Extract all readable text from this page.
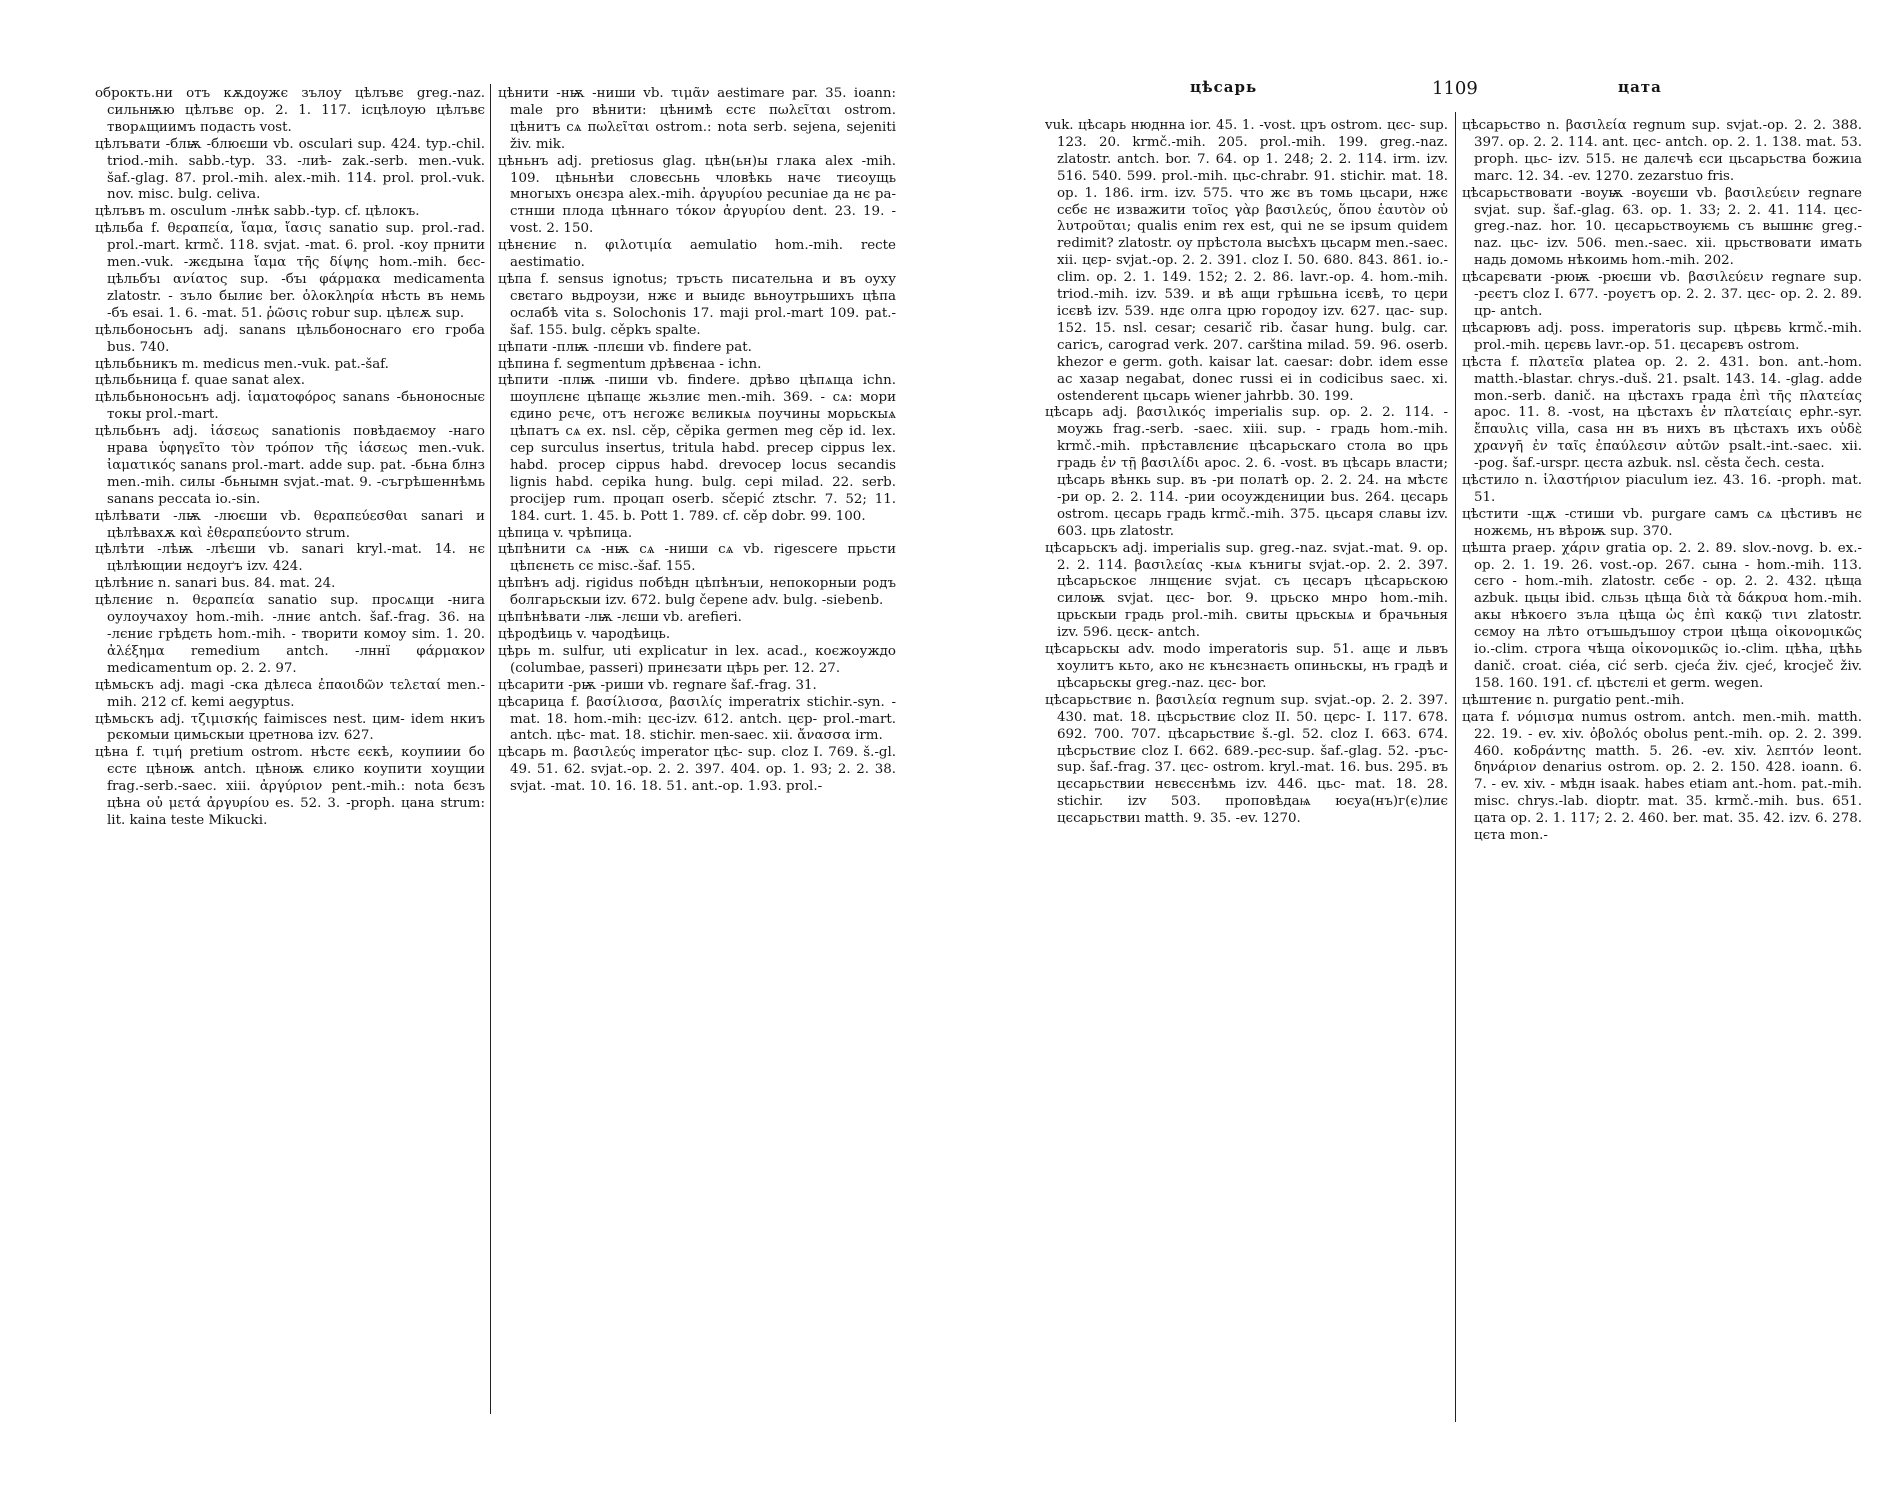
оброкть.ни отъ кѫдоужє зълоу цѣлъвє greg.-naz. сильнѭю цѣлъвє op. 2. 1. 117. ісцѣлоую цѣлъвє творѧщиимъ подасть vost.
цѣлъвати -блѭ -блюєши vb. osculari sup. 424. typ.-chil. triod.-mih. sabb.-typ. 33. -лиѣ- zak.-serb. men.-vuk. šaf.-glag. 87. prol.-mih. alex.-mih. 114. prol. prol.-vuk. nov. misc. bulg. celiva.
цѣлъвъ m. osculum -лнѣк sabb.-typ. cf. цѣлокъ.
цѣльба f. θεραπεία, ἴαμα, ἴασις sanatio sup. prol.-rad. prol.-mart. krmč. 118. svjat. -mat. 6. prol. -коу прнити men.-vuk. -жєдына ἴαμα τῆς δίψης hom.-mih. бєс-цѣльбъı ανίατος sup. -бъı φάρμακα medicamenta zlatostr. - зъло былиє ber. ὁλοκληρία нѣсть въ немь -бъ esai. 1. 6. -mat. 51. ῥῶσις robur sup. цѣлєѫ sup.
цѣльбоносьнъ adj. sanans цѣльбоноснаго єго гроба bus. 740.
цѣльбьникъ m. medicus men.-vuk. pat.-šaf.
цѣльбьница f. quae sanat alex.
цѣльбьноносьнъ adj. ἰαματοφόρος sanans -бьноносныє токы prol.-mart.
цѣльбьнъ adj. ἰάσεως sanationis повѣдаємоу -наго нрава ὑφηγεῖτο τὸν τρόπον τῆς ἰάσεως men.-vuk. ἰαματικός sanans prol.-mart. adde sup. pat. -бьна блнз men.-mih. силы -бьнымн svjat.-mat. 9. -съгрѣшеннѣмь sanans peccata io.-sin.
цѣлѣвати -лѭ -люєши vb. θεραπεύεσθαι sanari и цѣлѣвахѫ καὶ ἐθεραπεύοντο strum.
цѣлѣти -лѣѭ -лѣєши vb. sanari kryl.-mat. 14. нє цѣлѣющии нєдоуґъ izv. 424.
цѣлѣниє n. sanari bus. 84. mat. 24.
цѣлєниє n. θεραπεία sanatio sup. просѧщи -нига оулоучахоу hom.-mih. -лниє antch. šaf.-frag. 36. на -лєниє грѣдєть hom.-mih. - творити комоу sim. 1. 20. ἀλέξημα remedium antch. -лннї φάρμακον medicamentum op. 2. 2. 97.
цѣмьскъ adj. magi -ска дѣлєса ἐπαοιδῶν τελεταί men.-mih. 212 cf. kemi aegyptus.
цѣмьскъ adj. τζιμισκής faimisces nest. цим- idem нкиъ рєкомыи цимьскыи цретнова izv. 627.
цѣна f. τιμή pretium ostrom. нѣстє єєкѣ, коупиии бо єстє цѣноѭ antch. цѣноѭ єлико коупити хоущии frag.-serb.-saec. xiii. ἀργύριον pent.-mih.: nota бєзъ цѣна οὐ μετά ἀργυρίου es. 52. 3. -proph. цана strum: lit. kaina teste Mikucki.
цѣнити -нѭ -ниши vb. τιμᾶν aestimare par. 35. ioann: male pro вѣнити: цѣнимѣ єстє πωλεῖται ostrom. цѣнитъ сѧ πωλεῖται ostrom.: nota serb. sejena, sejeniti živ. mik.
цѣньнъ adj. pretiosus glag. цѣн(ьн)ы глака alex -mih. 109. цѣньнѣи словєсьнь чловѣкь начє тиєоущь многыхъ онєзра alex.-mih. ἀργυρίου pecuniae да нє ра-стнши плода цѣннаго τόκον ἀργυρίου dent. 23. 19. -vost. 2. 150.
цѣнєниє n. φιλοτιμία aemulatio hom.-mih. recte aestimatio.
цѣпа f. sensus ignotus; тръсть писательна и въ оуху свєтаго вьдроузи, нжє и выидє вьноутрьшихъ цѣпа ослабѣ vita s. Solochonis 17. maji prol.-mart 109. pat.-šaf. 155. bulg. cěpkъ spalte.
цѣпати -плѭ -плєши vb. findere pat.
цѣпина f. segmentum дрѣвєнаа - ichn.
цѣпити -плѭ -пиши vb. findere. дрѣво цѣпѧща ichn. шоуплєнє цѣпащє жьзлиє men.-mih. 369. - сѧ: мори єдино рєчє, отъ нєгожє вєликыѧ поучины морьскыѧ цѣпатъ сѧ ex. nsl. cěp, cěpika germen meg cěp id. lex. cep surculus insertus, tritula habd. precep cippus lex. habd. procep cippus habd. drevocep locus secandis lignis habd. cepika hung. bulg. cepi milad. 22. serb. procijep rum. процап oserb. sčepić ztschr. 7. 52; 11. 184. curt. 1. 45. b. Pott 1. 789. cf. cěp dobr. 99. 100.
цѣпица v. чрѣпица.
цѣпѣнити сѧ -нѭ сѧ -ниши сѧ vb. rigescere прьсти цѣпєнєть сє misc.-šaf. 155.
цѣпѣнъ adj. rigidus побѣдн цѣпѣнъıи, непокорныи родъ болгарьскыи izv. 672. bulg čepene adv. bulg. -siebenb.
цѣпѣнѣвати -лѭ -лєши vb. arefieri.
цѣродѣиць v. чародѣиць.
цѣрь m. sulfur, uti explicatur in lex. acad., коєжоуждо (columbae, passeri) принєзати цѣрь per. 12. 27.
цѣсарити -рѭ -риши vb. regnare šaf.-frag. 31.
цѣсарица f. βασίλισσα, βασιλίς imperatrix stichir.-syn. -mat. 18. hom.-mih: цєс-izv. 612. antch. цєр- prol.-mart. antch. цѣс- mat. 18. stichir. men-saec. xii. ἄνασσα irm.
цѣсарь m. βασιλεύς imperator цѣс- sup. cloz I. 769. š.-gl. 49. 51. 62. svjat.-op. 2. 2. 397. 404. op. 1. 93; 2. 2. 38. svjat. -mat. 10. 16. 18. 51. ant.-op. 1.93. prol.-
цѣсарь	1109	цата
vuk. цѣсарь нюднна ior. 45. 1. -vost. цръ ostrom. цєс- sup. 123. 20. krmč.-mih. 205. prol.-mih. 199. greg.-naz. zlatostr. antch. bor. 7. 64. op 1. 248; 2. 2. 114. irm. izv. 516. 540. 599. prol.-mih. цьс-chrabr. 91. stichir. mat. 18. op. 1. 186. irm. izv. 575. что жє въ томь цьсари, нжє сєбє нє изважити τοῖος γὰρ βασιλεύς, ὅπου ἑαυτὸν οὐ λυτροῦται; qualis enim rex est, qui ne se ipsum quidem redimit? zlatostr. оу прѣстола высѣхъ цьсарм men.-saec. xii. цєр- svjat.-op. 2. 2. 391. cloz I. 50. 680. 843. 861. io.-clim. op. 2. 1. 149. 152; 2. 2. 86. lavr.-op. 4. hom.-mih. triod.-mih. izv. 539. и вѣ ащи грѣшьна ісєвѣ, то цєри ісєвѣ izv. 539. ндє олга црю городоу izv. 627. цас- sup. 152. 15. nsl. cesar; cesarič rib. časar hung. bulg. car. cariсъ, carograd verk. 207. carština milad. 59. 96. oserb. khezor e germ. goth. kaisar lat. caesar: dobr. idem esse ac хазар negabat, donec russi ei in codicibus saec. xi. ostenderent цьсарь wiener jahrbb. 30. 199.
цѣсарь adj. βασιλικός imperialis sup. op. 2. 2. 114. - моужь frag.-serb. -saec. xiii. sup. - градь hom.-mih. krmč.-mih. прѣставлєниє цѣсарьскаго стола во црь градь ἐν τῇ βασιλίδι apoc. 2. 6. -vost. въ цѣсарь власти; цѣсарь вѣнкь sup. въ -ри полатѣ op. 2. 2. 24. на мѣстє -ри op. 2. 2. 114. -рии осоуждєниции bus. 264. цєсарь ostrom. цєсарь градь krmč.-mih. 375. цьсаря славы izv. 603. црь zlatostr.
цѣсарьскъ adj. imperialis sup. greg.-naz. svjat.-mat. 9. op. 2. 2. 114. βασιλείας -кыѧ кънигы svjat.-op. 2. 2. 397. цѣсарьскоє лнщєниє svjat. съ цєсаръ цѣсарьскою силоѭ svjat. цєс- bor. 9. црьско мнро hom.-mih. црьскыи градь prol.-mih. свиты црьскыѧ и брачьныя izv. 596. цєск- antch.
цѣсарьскы adv. modo imperatoris sup. 51. ащє и львъ хоулитъ кьто, ако нє кънєзнаєть опиньскы, нъ градѣ и цѣсарьскы greg.-naz. цєс- bor.
цѣсарьствиє n. βασιλεία regnum sup. svjat.-op. 2. 2. 397. 430. mat. 18. цѣсрьствиє cloz II. 50. цєрс- I. 117. 678. 692. 700. 707. цѣсарьствиє š.-gl. 52. cloz I. 663. 674. цѣсрьствиє cloz I. 662. 689.-рєс-sup. šaf.-glag. 52. -ръс-sup. šaf.-frag. 37. цєс- ostrom. kryl.-mat. 16. bus. 295. въ цєсарьствии нєвєсєнѣмь izv. 446. цьс- mat. 18. 28. stichir. izv 503. проповѣдаѩ юєуа(нъ)г(є)лиє цєсарьствиı matth. 9. 35. -ev. 1270.
цѣсарьство n. βασιλεία regnum sup. svjat.-op. 2. 2. 388. 397. op. 2. 2. 114. ant. цєс- antch. op. 2. 1. 138. mat. 53. proph. цьс- izv. 515. нє далєчѣ єси цьсарьства божиıа marc. 12. 34. -ev. 1270. zezarstuo fris.
цѣсарьствовати -воуѭ -воуєши vb. βασιλεύειν regnare svjat. sup. šaf.-glag. 63. op. 1. 33; 2. 2. 41. 114. цєс- greg.-naz. hor. 10. цєсарьствоуѥмь съ вышнѥ greg.-naz. цьс- izv. 506. men.-saec. xii. црьствовати имать надь домомь нѣкоимь hom.-mih. 202.
цѣсарєвати -рюѭ -рюєши vb. βασιλεύειν regnare sup. -рєєтъ cloz I. 677. -роуєтъ op. 2. 2. 37. цєс- op. 2. 2. 89. цр- antch.
цѣсарювъ adj. poss. imperatoris sup. цѣрєвь krmč.-mih. prol.-mih. цєрєвь lavr.-op. 51. цєсарєвъ ostrom.
цѣста f. πλατεῖα platea op. 2. 2. 431. bon. ant.-hom. matth.-blastar. chrys.-duš. 21. psalt. 143. 14. -glag. adde mon.-serb. danič. на цѣстахъ града ἐπὶ τῆς πλατείας apoc. 11. 8. -vost, на цѣстахъ ἐν πλατείαις ephr.-syr. ἔπαυλις villa, casa нн въ нихъ въ цѣстахъ ихъ οὐδὲ χρανγῆ ἐν ταῖς ἐπαύλεσιν αὐτῶν psalt.-int.-saec. xii. -роg. šaf.-urspr. цєста azbuk. nsl. cěsta čech. cesta.
цѣстило n. ἱλαστήριον piaculum iez. 43. 16. -proph. mat. 51.
цѣстити -щѫ -стиши vb. purgare самъ сѧ цѣстивъ нє ножємь, нъ вѣроѭ sup. 370.
цѣшта praep. χάριν gratia op. 2. 2. 89. slov.-novg. b. ex.-op. 2. 1. 19. 26. vost.-op. 267. сына - hom.-mih. 113. сєго - hom.-mih. zlatostr. сєбє - op. 2. 2. 432. цѣща azbuk. цьцы ibid. сльзь цѣща διὰ τὰ δάκρυα hom.-mih. акы нѣкоєго зъла цѣща ὡς ἐπὶ κακῷ τινι zlatostr. сємоу на лѣто отъшьдъшоу строи цѣща οἰκονομικῶς io.-clim. строга чѣща οἰκονομικῶς io.-clim. цѣћа, цѣћь danič. croat. ciéa, cić serb. cjeća živ. cjeć, krocječ živ. 158. 160. 191. cf. цѣстєлі et germ. wegen.
цѣштениє n. purgatio pent.-mih.
цата f. νόμισμα numus ostrom. antch. men.-mih. matth. 22. 19. - ev. xiv. ὀβολός obolus pent.-mih. op. 2. 2. 399. 460. κοδράντης matth. 5. 26. -ev. xiv. λεπτόν leont. δηνάριον denarius ostrom. op. 2. 2. 150. 428. ioann. 6. 7. - ev. xiv. - мѣдн isaak. habes etiam ant.-hom. pat.-mih. misc. chrys.-lab. dioptr. mat. 35. krmč.-mih. bus. 651. цата op. 2. 1. 117; 2. 2. 460. ber. mat. 35. 42. izv. 6. 278. цєта mon.-
